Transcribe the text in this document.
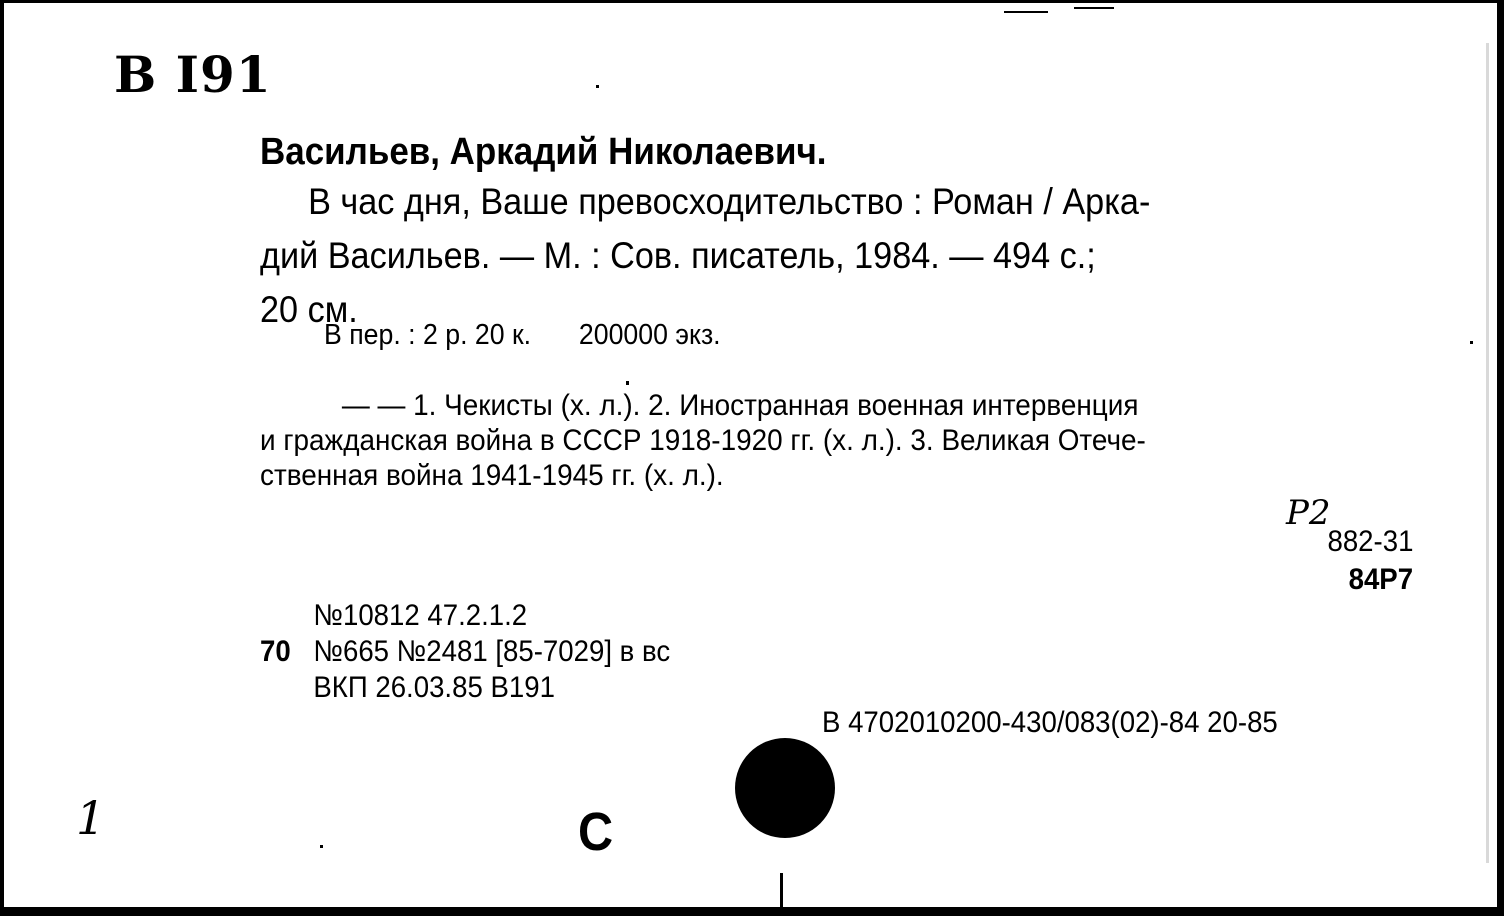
B I91
Васильев, Аркадий Николаевич.
В час дня, Ваше превосходительство : Роман / Арка-
дий Васильев. — М. : Сов. писатель, 1984. — 494 с.;
20 см.
В пер. : 2 р. 20 к. 200000 экз.
— — 1. Чекисты (х. л.). 2. Иностранная военная интервенция
и гражданская война в СССР 1918-1920 гг. (х. л.). 3. Великая Отече-
ственная война 1941-1945 гг. (х. л.).
Р2
882-31
84Р7
№10812 47.2.1.2
70 №665 №2481 [85-7029] в вс
ВКП 26.03.85 В191
В 4702010200-430/083(02)-84 20-85
С
1
